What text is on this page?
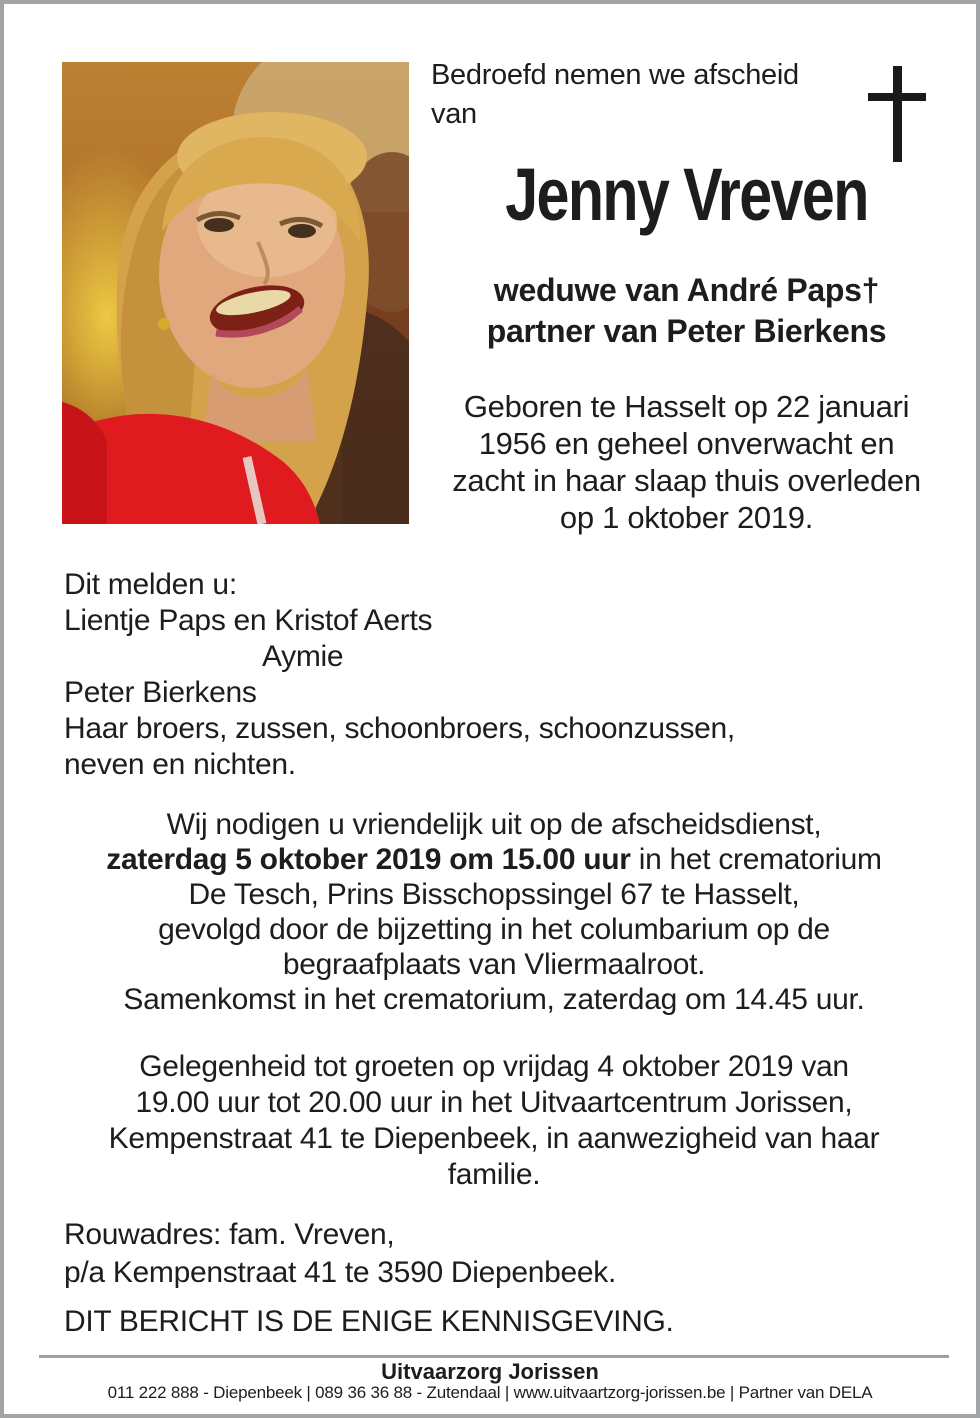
Bedroefd nemen we afscheid
van
Jenny Vreven
weduwe van André Paps†
partner van Peter Bierkens
Geboren te Hasselt op 22 januari
1956 en geheel onverwacht en
zacht in haar slaap thuis overleden
op 1 oktober 2019.
Dit melden u:
Lientje Paps en Kristof Aerts
Aymie
Peter Bierkens
Haar broers, zussen, schoonbroers, schoonzussen,
neven en nichten.
Wij nodigen u vriendelijk uit op de afscheidsdienst,
zaterdag 5 oktober 2019 om 15.00 uur in het crematorium
De Tesch, Prins Bisschopssingel 67 te Hasselt,
gevolgd door de bijzetting in het columbarium op de
begraafplaats van Vliermaalroot.
Samenkomst in het crematorium, zaterdag om 14.45 uur.
Gelegenheid tot groeten op vrijdag 4 oktober 2019 van
19.00 uur tot 20.00 uur in het Uitvaartcentrum Jorissen,
Kempenstraat 41 te Diepenbeek, in aanwezigheid van haar
familie.
Rouwadres: fam. Vreven,
p/a Kempenstraat 41 te 3590 Diepenbeek.
DIT BERICHT IS DE ENIGE KENNISGEVING.
Uitvaarzorg Jorissen
011 222 888 - Diepenbeek | 089 36 36 88 - Zutendaal | www.uitvaartzorg-jorissen.be | Partner van DELA
